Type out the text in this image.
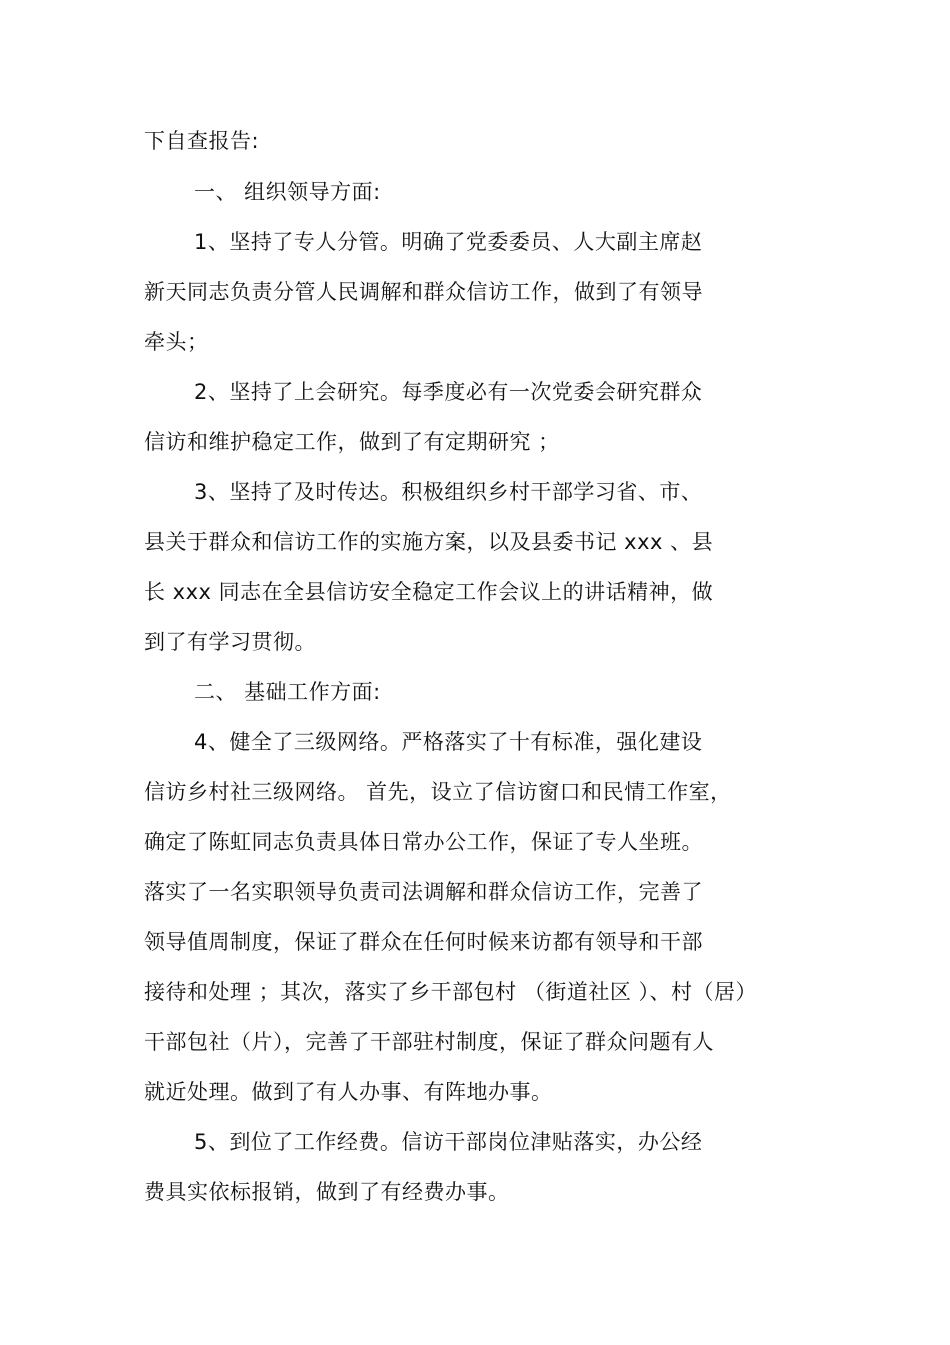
下自查报告:

一、 组织领导方面:

1、坚持了专人分管。明确了党委委员、人大副主席赵

新天同志负责分管人民调解和群众信访工作，做到了有领导

牵头；

2、坚持了上会研究。每季度必有一次党委会研究群众

信访和维护稳定工作，做到了有定期研究 ；

3、坚持了及时传达。积极组织乡村干部学习省、市、

县关于群众和信访工作的实施方案，以及县委书记 xxx 、县

长 xxx 同志在全县信访安全稳定工作会议上的讲话精神，做

到了有学习贯彻。

二、 基础工作方面:

4、健全了三级网络。严格落实了十有标准，强化建设

信访乡村社三级网络。 首先，设立了信访窗口和民情工作室，

确定了陈虹同志负责具体日常办公工作，保证了专人坐班。

落实了一名实职领导负责司法调解和群众信访工作，完善了

领导值周制度，保证了群众在任何时候来访都有领导和干部

接待和处理 ；其次，落实了乡干部包村 （街道社区 ）、村（居）

干部包社（片），完善了干部驻村制度，保证了群众问题有人

就近处理。做到了有人办事、有阵地办事。

5、到位了工作经费。信访干部岗位津贴落实，办公经

费具实依标报销，做到了有经费办事。
